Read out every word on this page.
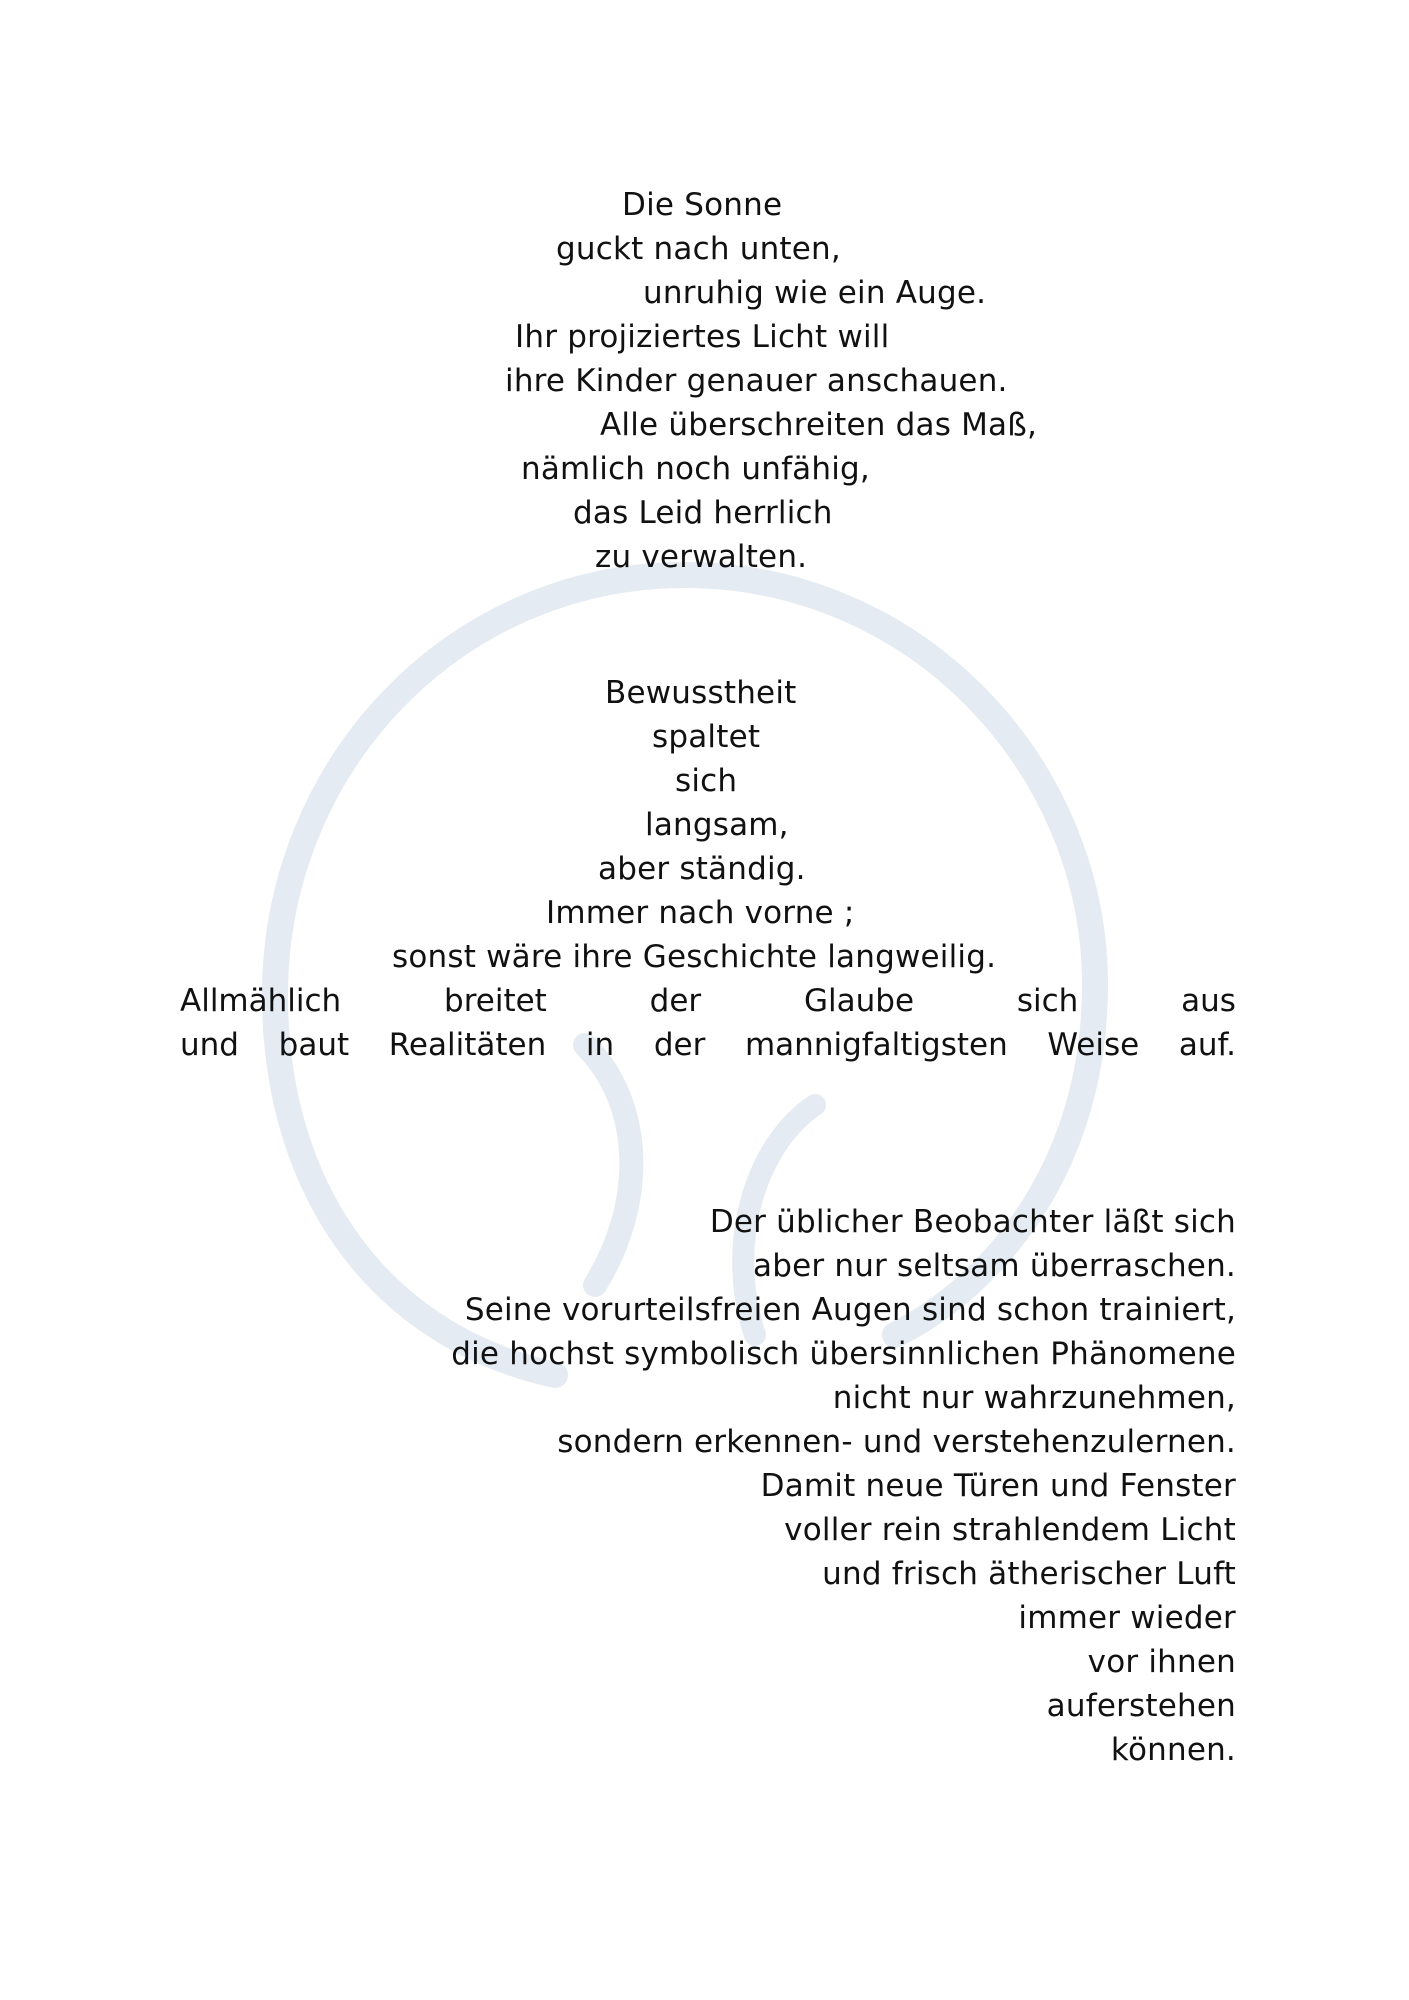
Die Sonne
guckt nach unten,
unruhig wie ein Auge.
Ihr projiziertes Licht will
ihre Kinder genauer anschauen.
Alle überschreiten das Maß,
nämlich noch unfähig,
das Leid herrlich
zu verwalten.
Bewusstheit
spaltet
sich
langsam,
aber ständig.
Immer nach vorne ;
sonst wäre ihre Geschichte langweilig.
Allmählich	breitet	der	Glaube	sich	aus
und baut Realitäten in der mannigfaltigsten Weise auf.
Der üblicher Beobachter läßt sich
aber nur seltsam überraschen.
Seine vorurteilsfreien Augen sind schon trainiert,
die hochst symbolisch übersinnlichen Phänomene
nicht nur wahrzunehmen,
sondern erkennen- und verstehenzulernen.
Damit neue Türen und Fenster
voller rein strahlendem Licht
und frisch ätherischer Luft
immer wieder
vor ihnen
auferstehen
können.
